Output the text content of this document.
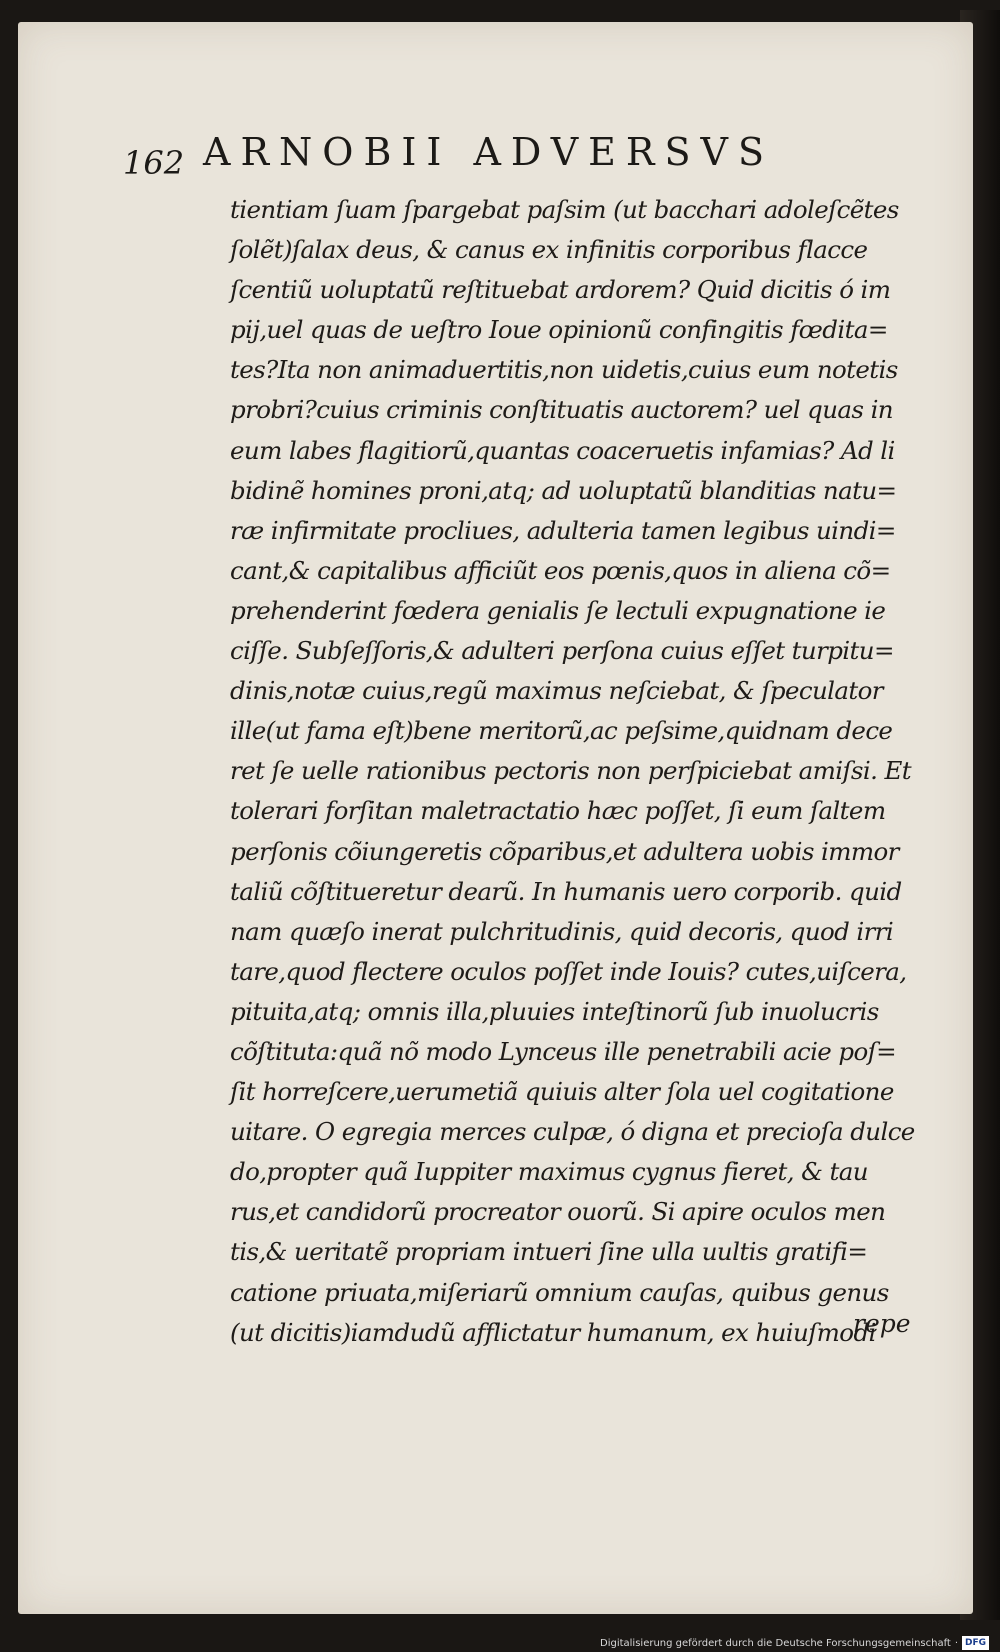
162 ARNOBII ADVERSVS
tientiam ſuam ſpargebat paſsim (ut bacchari adoleſcẽtes
ſolẽt)ſalax deus, & canus ex infinitis corporibus flacce
ſcentiũ uoluptatũ reſtituebat ardorem? Quid dicitis ó im
pij,uel quas de ueſtro Ioue opinionũ confingitis fœdita=
tes?Ita non animaduertitis,non uidetis,cuius eum notetis
probri?cuius criminis conſtituatis auctorem? uel quas in
eum labes flagitiorũ,quantas coaceruetis infamias? Ad li
bidinẽ homines proni,atq; ad uoluptatũ blanditias natu=
ræ infirmitate procliues, adulteria tamen legibus uindi=
cant,& capitalibus afficiũt eos pœnis,quos in aliena cõ=
prehenderint fœdera genialis ſe lectuli expugnatione ie
ciſſe. Subſeſſoris,& adulteri perſona cuius eſſet turpitu=
dinis,notæ cuius,regũ maximus neſciebat, & ſpeculator
ille(ut fama eſt)bene meritorũ,ac peſsime,quidnam dece
ret ſe uelle rationibus pectoris non perſpiciebat amiſsi. Et
tolerari forſitan maletractatio hæc poſſet, ſi eum ſaltem
perſonis cõiungeretis cõparibus,et adultera uobis immor
taliũ cõſtitueretur dearũ. In humanis uero corporib. quid
nam quæſo inerat pulchritudinis, quid decoris, quod irri
tare,quod flectere oculos poſſet inde Iouis? cutes,uiſcera,
pituita,atq; omnis illa,pluuies inteſtinorũ ſub inuolucris
cõſtituta:quã nõ modo Lynceus ille penetrabili acie poſ=
ſit horreſcere,uerumetiã quiuis alter ſola uel cogitatione
uitare. O egregia merces culpæ, ó digna et precioſa dulce
do,propter quã Iuppiter maximus cygnus fieret, & tau
rus,et candidorũ procreator ouorũ. Si apire oculos men
tis,& ueritatẽ propriam intueri ſine ulla uultis gratifi=
catione priuata,miſeriarũ omnium cauſas, quibus genus
(ut dicitis)iamdudũ afflictatur humanum, ex huiuſmodi
repe
Digitalisierung gefördert durch die Deutsche Forschungsgemeinschaft · DFG
